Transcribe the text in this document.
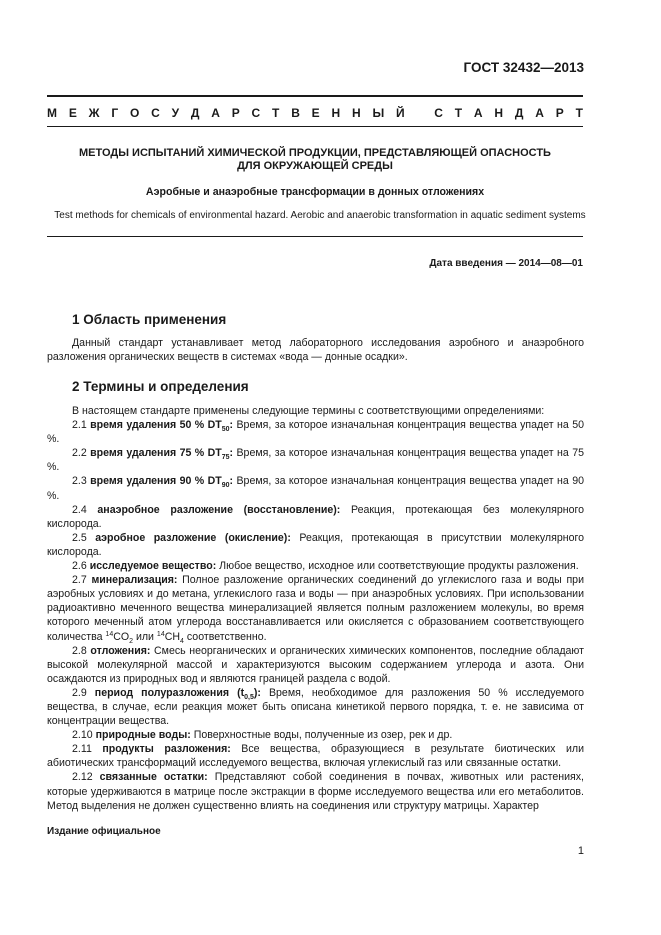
ГОСТ 32432—2013
М Е Ж Г О С У Д А Р С Т В Е Н Н Ы Й С Т А Н Д А Р Т
МЕТОДЫ ИСПЫТАНИЙ ХИМИЧЕСКОЙ ПРОДУКЦИИ, ПРЕДСТАВЛЯЮЩЕЙ ОПАСНОСТЬ
ДЛЯ ОКРУЖАЮЩЕЙ СРЕДЫ
Аэробные и анаэробные трансформации в донных отложениях
Test methods for chemicals of environmental hazard. Aerobic and anaerobic transformation in aquatic sediment systems
Дата введения — 2014—08—01
1 Область применения

Данный стандарт устанавливает метод лабораторного исследования аэробного и анаэробного разложения органических веществ в системах «вода — донные осадки».

2 Термины и определения

В настоящем стандарте применены следующие термины с соответствующими определениями:

2.1 время удаления 50 % $DT_{50}$: Время, за которое изначальная концентрация вещества упадет на 50 %.

2.2 время удаления 75 % $DT_{75}$: Время, за которое изначальная концентрация вещества упадет на 75 %.

2.3 время удаления 90 % $DT_{90}$: Время, за которое изначальная концентрация вещества упадет на 90 %.

2.4 анаэробное разложение (восстановление): Реакция, протекающая без молекулярного кислорода.

2.5 аэробное разложение (окисление): Реакция, протекающая в присутствии молекулярного кислорода.

2.6 исследуемое вещество: Любое вещество, исходное или соответствующие продукты разложения.

2.7 минерализация: Полное разложение органических соединений до углекислого газа и воды при аэробных условиях и до метана, углекислого газа и воды — при анаэробных условиях. При использовании радиоактивно меченного вещества минерализацией является полным разложением молекулы, во время которого меченный атом углерода восстанавливается или окисляется с образованием соответствующего количества $^{14}CO_2$ или $^{14}CH_4$ соответственно.

2.8 отложения: Смесь неорганических и органических химических компонентов, последние обладают высокой молекулярной массой и характеризуются высоким содержанием углерода и азота. Они осаждаются из природных вод и являются границей раздела с водой.

2.9 период полуразложения $(t_{0,5})$: Время, необходимое для разложения 50 % исследуемого вещества, в случае, если реакция может быть описана кинетикой первого порядка, т. е. не зависима от концентрации вещества.

2.10 природные воды: Поверхностные воды, полученные из озер, рек и др.

2.11 продукты разложения: Все вещества, образующиеся в результате биотических или абиотических трансформаций исследуемого вещества, включая углекислый газ или связанные остатки.

2.12 связанные остатки: Представляют собой соединения в почвах, животных или растениях, которые удерживаются в матрице после экстракции в форме исследуемого вещества или его метаболитов. Метод выделения не должен существенно влиять на соединения или структуру матрицы. Характер

Издание официальное
1
